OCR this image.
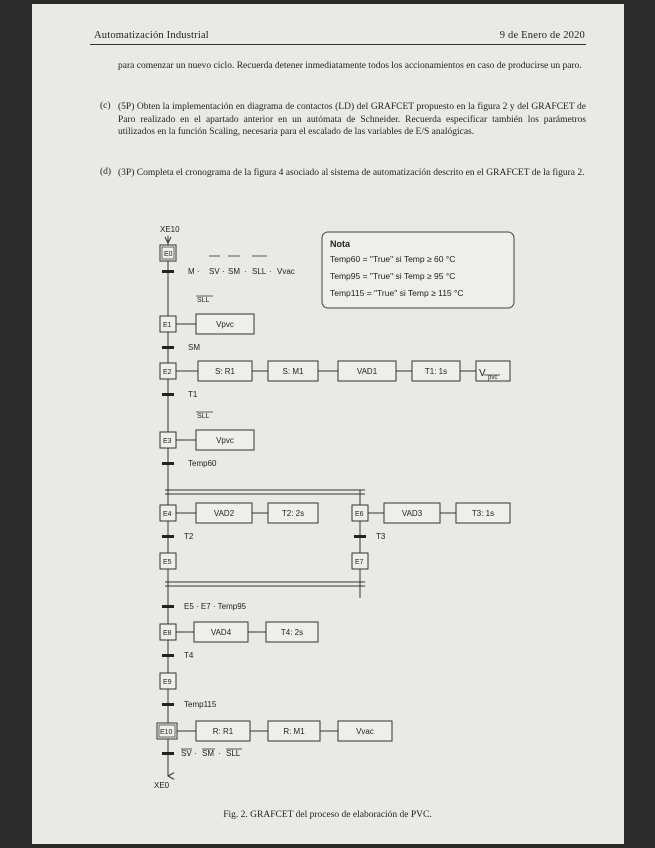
Automatización Industrial	9 de Enero de 2020
para comenzar un nuevo ciclo. Recuerda detener inmediatamente todos los accionamientos en caso de producirse un paro.
(c) (5P) Obten la implementación en diagrama de contactos (LD) del GRAFCET propuesto en la figura 2 y del GRAFCET de Paro realizado en el apartado anterior en un autómata de Schneider. Recuerda especificar también los parámetros utilizados en la función Scaling, necesaria para el escalado de las variables de E/S analógicas.
(d) (3P) Completa el cronograma de la figura 4 asociado al sistema de automatización descrito en el GRAFCET de la figura 2.
XE10
XE0
E0
E1
E2
E3
E4
E5
E6
E7
E8
E9
E10
M · SV · SM · SLL · Vvac
SM
T1
Temp60
T2	T3
E5 · E7 · Temp95
T4
Temp115
SV · SM · SLL
SLL
Vpvc
S: R1	S: M1	VAD1	T1: 1s	V pvc
SLL
Vpvc
VAD2	T2: 2s	VAD3	T3: 1s
VAD4	T4: 2s
R: R1	R: M1	Vvac
Nota
Temp60 = "True" si Temp ≥ 60 °C
Temp95 = "True" si Temp ≥ 95 °C
Temp115 = "True" si Temp ≥ 115 °C
Fig. 2. GRAFCET del proceso de elaboración de PVC.
